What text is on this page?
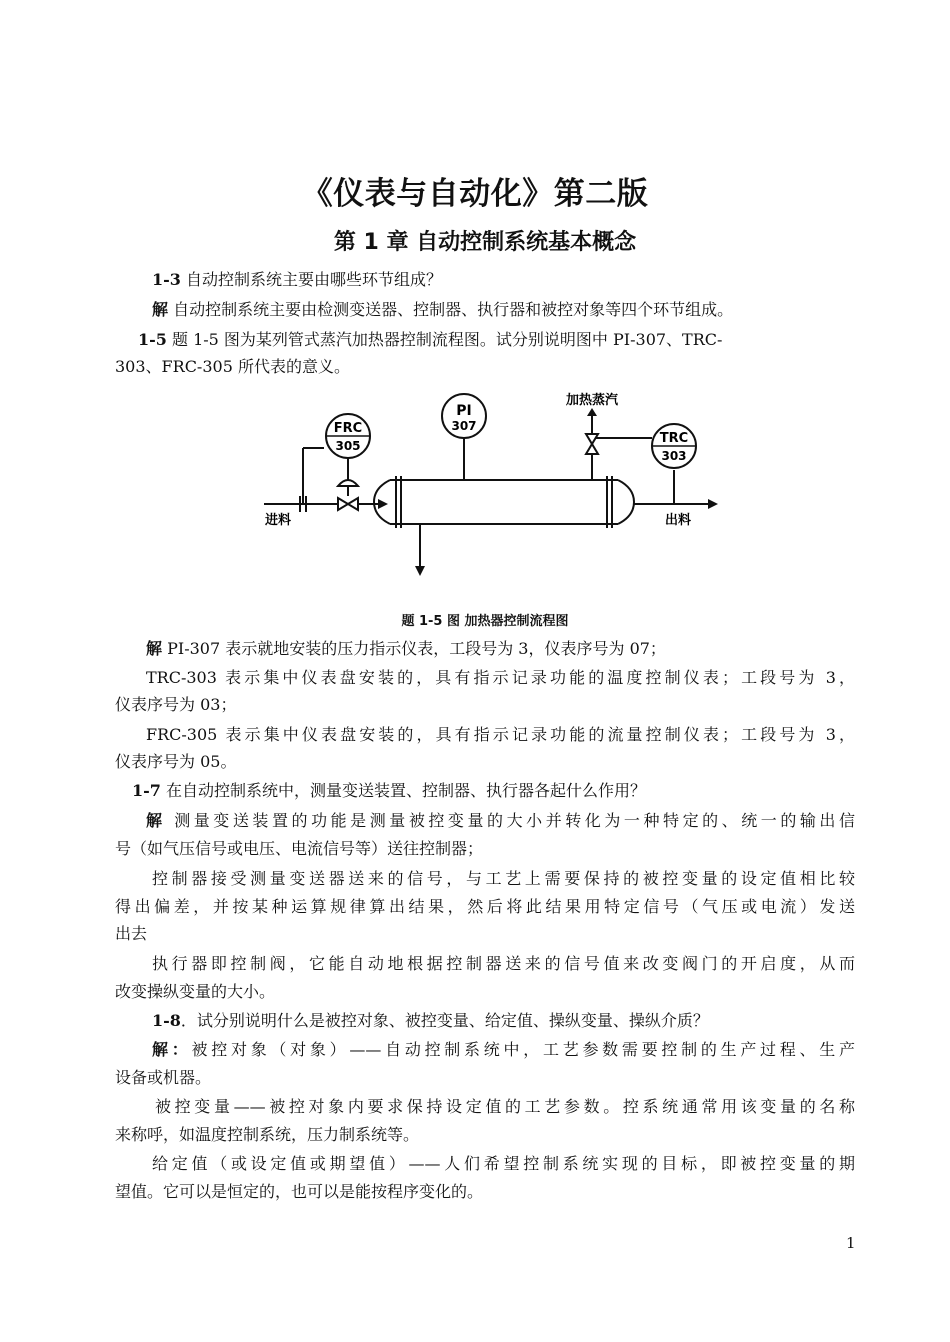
《仪表与自动化》第二版
第 1 章 自动控制系统基本概念
1-3 自动控制系统主要由哪些环节组成？
解 自动控制系统主要由检测变送器、控制器、执行器和被控对象等四个环节组成。
1-5 题 1-5 图为某列管式蒸汽加热器控制流程图。试分别说明图中 PI-307、TRC-
303、FRC-305 所代表的意义。
FRC
305
PI
307
TRC
303
加热蒸汽
进料	出料
题 1-5 图 加热器控制流程图
解 PI-307 表示就地安装的压力指示仪表，工段号为 3，仪表序号为 07；
TRC-303 表示集中仪表盘安装的，具有指示记录功能的温度控制仪表；工段号为 3，
仪表序号为 03；
FRC-305 表示集中仪表盘安装的，具有指示记录功能的流量控制仪表；工段号为 3，
仪表序号为 05。
1-7 在自动控制系统中，测量变送装置、控制器、执行器各起什么作用？
解 测量变送装置的功能是测量被控变量的大小并转化为一种特定的、统一的输出信
号（如气压信号或电压、电流信号等）送往控制器；
控制器接受测量变送器送来的信号，与工艺上需要保持的被控变量的设定值相比较
得出偏差，并按某种运算规律算出结果，然后将此结果用特定信号（气压或电流）发送
出去
执行器即控制阀，它能自动地根据控制器送来的信号值来改变阀门的开启度，从而
改变操纵变量的大小。
1-8．试分别说明什么是被控对象、被控变量、给定值、操纵变量、操纵介质？
解：被控对象（对象）——自动控制系统中，工艺参数需要控制的生产过程、生产
设备或机器。
被控变量——被控对象内要求保持设定值的工艺参数。控系统通常用该变量的名称
来称呼，如温度控制系统，压力制系统等。
给定值（或设定值或期望值）——人们希望控制系统实现的目标，即被控变量的期
望值。它可以是恒定的，也可以是能按程序变化的。
1
